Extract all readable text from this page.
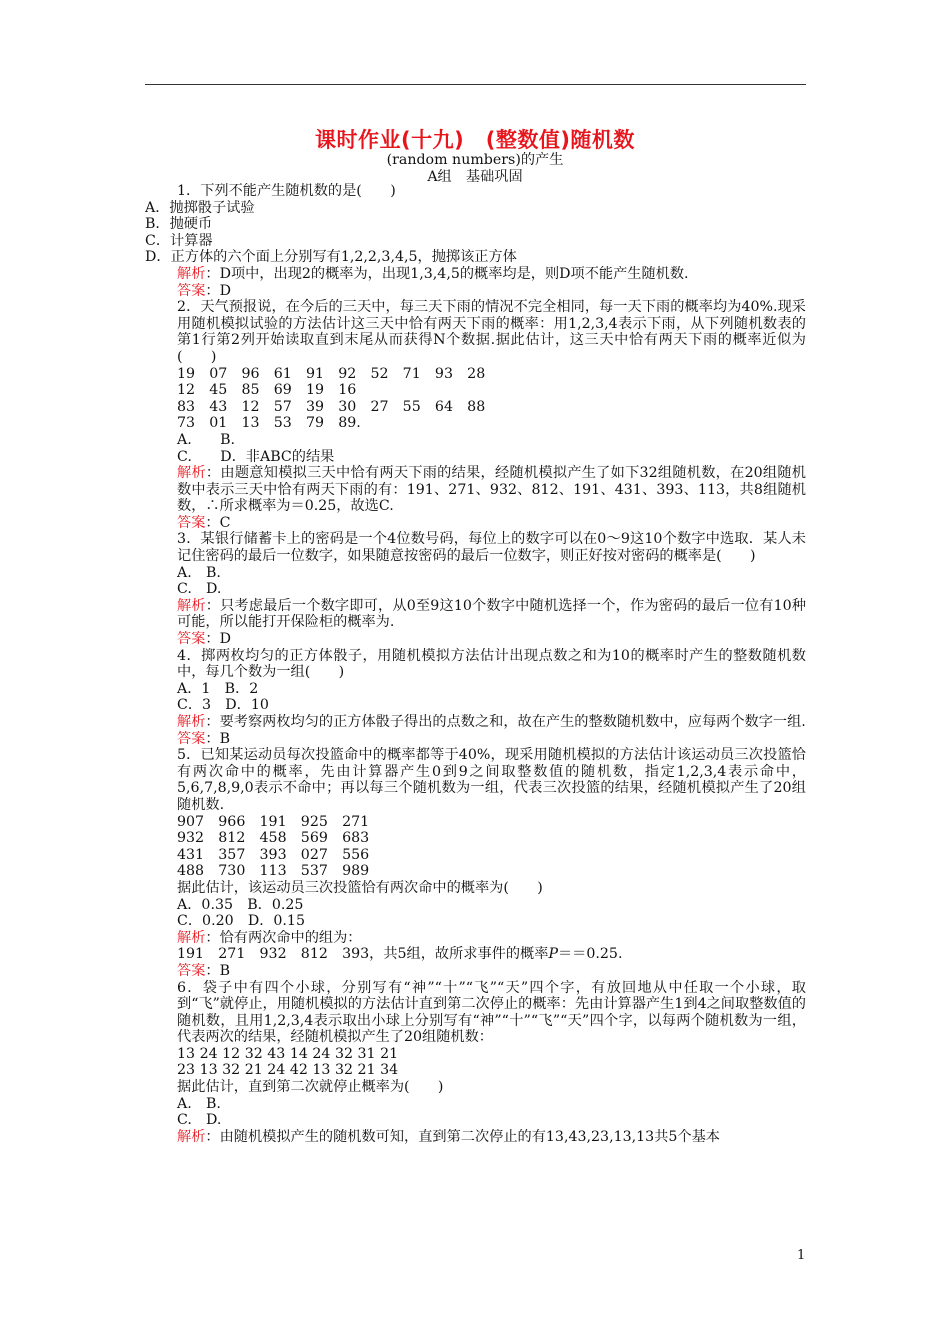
课时作业(十九)　(整数值)随机数
(random numbers)的产生
A组　基础巩固
1．下列不能产生随机数的是(　　)
A．抛掷骰子试验
B．抛硬币
C．计算器
D．正方体的六个面上分别写有1,2,2,3,4,5，抛掷该正方体
解析：D项中，出现2的概率为，出现1,3,4,5的概率均是，则D项不能产生随机数.
答案：D
2．天气预报说，在今后的三天中，每三天下雨的情况不完全相同，每一天下雨的概率均为40%.现采用随机模拟试验的方法估计这三天中恰有两天下雨的概率：用1,2,3,4表示下雨，从下列随机数表的第1行第2列开始读取直到末尾从而获得N个数据.据此估计，这三天中恰有两天下雨的概率近似为(　　)
19　07　96　61　91　92　52　71　93　28
12　45　85　69　19　16
83　43　12　57　39　30　27　55　64　88
73　01　13　53　79　89.
A.　　B.
C.　　D．非ABC的结果
解析：由题意知模拟三天中恰有两天下雨的结果，经随机模拟产生了如下32组随机数，在20组随机数中表示三天中恰有两天下雨的有：191、271、932、812、191、431、393、113，共8组随机数，∴所求概率为＝0.25，故选C.
答案：C
3．某银行储蓄卡上的密码是一个4位数号码，每位上的数字可以在0～9这10个数字中选取．某人未记住密码的最后一位数字，如果随意按密码的最后一位数字，则正好按对密码的概率是(　　)
A.　B.
C.　D.
解析：只考虑最后一个数字即可，从0至9这10个数字中随机选择一个，作为密码的最后一位有10种可能，所以能打开保险柜的概率为.
答案：D
4．掷两枚均匀的正方体骰子，用随机模拟方法估计出现点数之和为10的概率时产生的整数随机数中，每几个数为一组(　　)
A．1　B．2
C．3　D．10
解析：要考察两枚均匀的正方体骰子得出的点数之和，故在产生的整数随机数中，应每两个数字一组.
答案：B
5．已知某运动员每次投篮命中的概率都等于40%，现采用随机模拟的方法估计该运动员三次投篮恰有两次命中的概率，先由计算器产生0到9之间取整数值的随机数，指定1,2,3,4表示命中，5,6,7,8,9,0表示不命中；再以每三个随机数为一组，代表三次投篮的结果，经随机模拟产生了20组随机数.
907　966　191　925　271
932　812　458　569　683
431　357　393　027　556
488　730　113　537　989
据此估计，该运动员三次投篮恰有两次命中的概率为(　　)
A．0.35　B．0.25
C．0.20　D．0.15
解析：恰有两次命中的组为：
191　271　932　812　393，共5组，故所求事件的概率P＝＝0.25.
答案：B
6．袋子中有四个小球，分别写有“神”“十”“飞”“天”四个字，有放回地从中任取一个小球，取到“飞”就停止，用随机模拟的方法估计直到第二次停止的概率：先由计算器产生1到4之间取整数值的随机数，且用1,2,3,4表示取出小球上分别写有“神”“十”“飞”“天”四个字，以每两个随机数为一组，代表两次的结果，经随机模拟产生了20组随机数：
13 24 12 32 43 14 24 32 31 21
23 13 32 21 24 42 13 32 21 34
据此估计，直到第二次就停止概率为(　　)
A.　B.
C.　D.
解析：由随机模拟产生的随机数可知，直到第二次停止的有13,43,23,13,13共5个基本
1
